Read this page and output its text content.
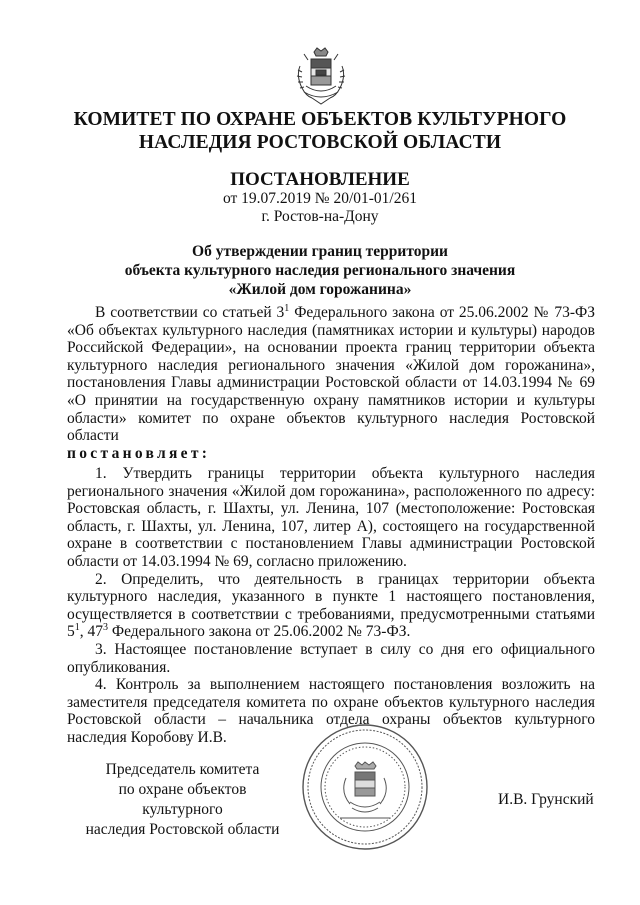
КОМИТЕТ ПО ОХРАНЕ ОБЪЕКТОВ КУЛЬТУРНОГО
НАСЛЕДИЯ РОСТОВСКОЙ ОБЛАСТИ
ПОСТАНОВЛЕНИЕ
от 19.07.2019 № 20/01-01/261
г. Ростов-на-Дону
Об утверждении границ территории
объекта культурного наследия регионального значения
«Жилой дом горожанина»

В соответствии со статьей $3^1$ Федерального закона от 25.06.2002 № 73-ФЗ «Об объектах культурного наследия (памятниках истории и культуры) народов Российской Федерации», на основании проекта границ территории объекта культурного наследия регионального значения «Жилой дом горожанина», постановления Главы администрации Ростовской области от 14.03.1994 № 69 «О принятии на государственную охрану памятников истории и культуры области» комитет по охране объектов культурного наследия Ростовской области

постановляет:

1. Утвердить границы территории объекта культурного наследия регионального значения «Жилой дом горожанина», расположенного по адресу: Ростовская область, г. Шахты, ул. Ленина, 107 (местоположение: Ростовская область, г. Шахты, ул. Ленина, 107, литер А), состоящего на государственной охране в соответствии с постановлением Главы администрации Ростовской области от 14.03.1994 № 69, согласно приложению.

2. Определить, что деятельность в границах территории объекта культурного наследия, указанного в пункте 1 настоящего постановления, осуществляется в соответствии с требованиями, предусмотренными статьями $5^1$, $47^3$ Федерального закона от 25.06.2002 № 73-ФЗ.

3. Настоящее постановление вступает в силу со дня его официального опубликования.

4. Контроль за выполнением настоящего постановления возложить на заместителя председателя комитета по охране объектов культурного наследия Ростовской области – начальника отдела охраны объектов культурного наследия Коробову И.В.

Председатель комитета
по охране объектов культурного
наследия Ростовской области
И.В. Грунский
